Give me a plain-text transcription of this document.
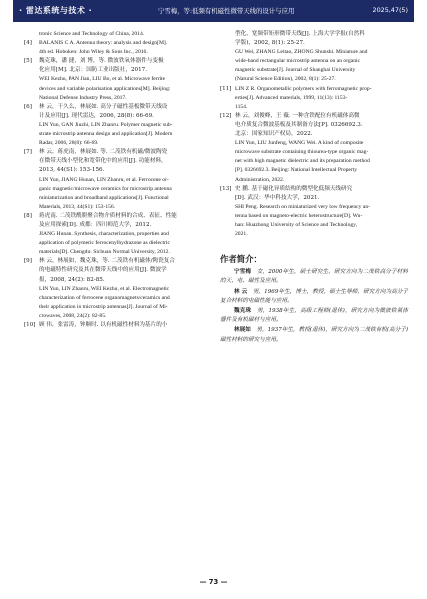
· 雷达系统与技术 ·	宁雪梅，等:低频有机磁性微带天线的设计与应用	2025,47(5)

tronic Science and Technology of China, 2014.

[4] BALANIS C A. Antenna theory: analysis and design[M].

4th ed. Hoboken: John Wiley & Sons Inc., 2016.

[5] 魏克珠，潘 捷，刘 博，等. 微波铁氧体器件与变极

化应用[M]. 北京：国防工业出版社，2017.

WEI Kezhu, PAN Jian, LIU Bo, et al. Microwave ferrite

devices and variable polarisation applications[M]. Beijing:

National Defense Industry Press, 2017.

[6] 林 云，干久么，林展如. 高分子磁性基板微带天线设

计及应用[J]. 现代雷达，2006, 28(8): 66-69.

LIN Yun, GAN Jiuzhi, LIN Zhanru. Polymer magnetic sub-

strate microstrip antenna design and application[J]. Modern

Radar, 2006, 28(8): 66-69.

[7] 林 云，蒋虎南，林展如. 等. 二茂铁有机磁/微波陶瓷

在微带天线小型化和宽带化中的应用[J]. 功能材料，

2013, 44(S1): 153-156.

LIN Yun, JIANG Hunan, LIN Zhanru, et al. Ferrocene or-

ganic magnetic/microwave ceramics for microstrip antenna

miniaturization and broadband applications[J]. Functional

Materials, 2013, 44(S1): 153-156.

[8] 蒋虎南. 二茂铁酰肼聚合物介质材料的合成、表征、性能

及应用探索[D]. 成都：四川师范大学，2012.

JIANG Hunan. Synthesis, characterization, properties and

application of polymeric ferrocenylhydrazone as dielectric

materials[D]. Chengdu: Sichuan Normal University, 2012.

[9] 林 云，林展如，魏克珠，等. 二茂铁有机磁体/陶瓷复合

的电磁特性研究及其在微带天线中的应用[J]. 微波学

报，2008, 24(2): 82-85.

LIN Yun, LIN Zhanru, WEI Kezhu, et al. Electromagnetic

characterization of ferrocene organomagnets/ceramics and

their application in microstrip antennas[J]. Journal of Mi-

crowaves, 2008, 24(2): 82-85.

[10] 顾 伟，张雷涛，钟顺时. 以有机磁性材料为基片的小

型化、宽频带矩形微带天线[J]. 上海大学学报(自然科

学版)，2002, 8(1): 25-27.

GU Wei, ZHANG Leitao, ZHONG Shunshi. Miniature and

wide-band rectangular microstrip antenna on an organic

magnetic substrate[J]. Journal of Shanghai University

(Natural Science Edition), 2002, 8(1): 25-27.

[11] LIN Z R. Organometallic polymers with ferromagnetic prop-

erties[J]. Advanced materials, 1999, 11(13): 1153-

1154.

[12] 林 云，刘俊峰，王 薇. 一种含铁配位有机磁体高微

电介质复合微波基板及其制备方法[P]. 0326692.3.

北京：国家知识产权局，2022.

LIN Yun, LIU Junfeng, WANG Wei. A kind of composite

microwave substrate containing thiourea-type organic mag-

net with high magnetic dielectric and its preparation method

[P]. 0326692.3. Beijing: National Intellectual Property

Administration, 2022.

[13] 史 鹏. 基于磁化异质结构的微型化低频天线研究

[D]. 武汉：华中科技大学，2021.

SHI Peng. Research on miniaturized very low frequency an-

tenna based on magneto-electric heterostructure[D]. Wu-

han: Huazhong University of Science and Technology,

2021.

作者简介：

宁雪梅　女，2000年生，硕士研究生，研究方向为二茂铁高分子材料的天、电、磁性及应用。

林 云　男，1969年生，博士，教授，硕士生导师，研究方向为高分子复合材料的电磁性能与应用。

魏克珠　男，1938年生，高级工程师(退休)，研究方向为微波铁氧体器件及有机磁材与应用。

林展如　男，1937年生，教授(退休)，研究方向为二茂铁有机(高分子)磁性材料的研究与应用。

— 73 —
